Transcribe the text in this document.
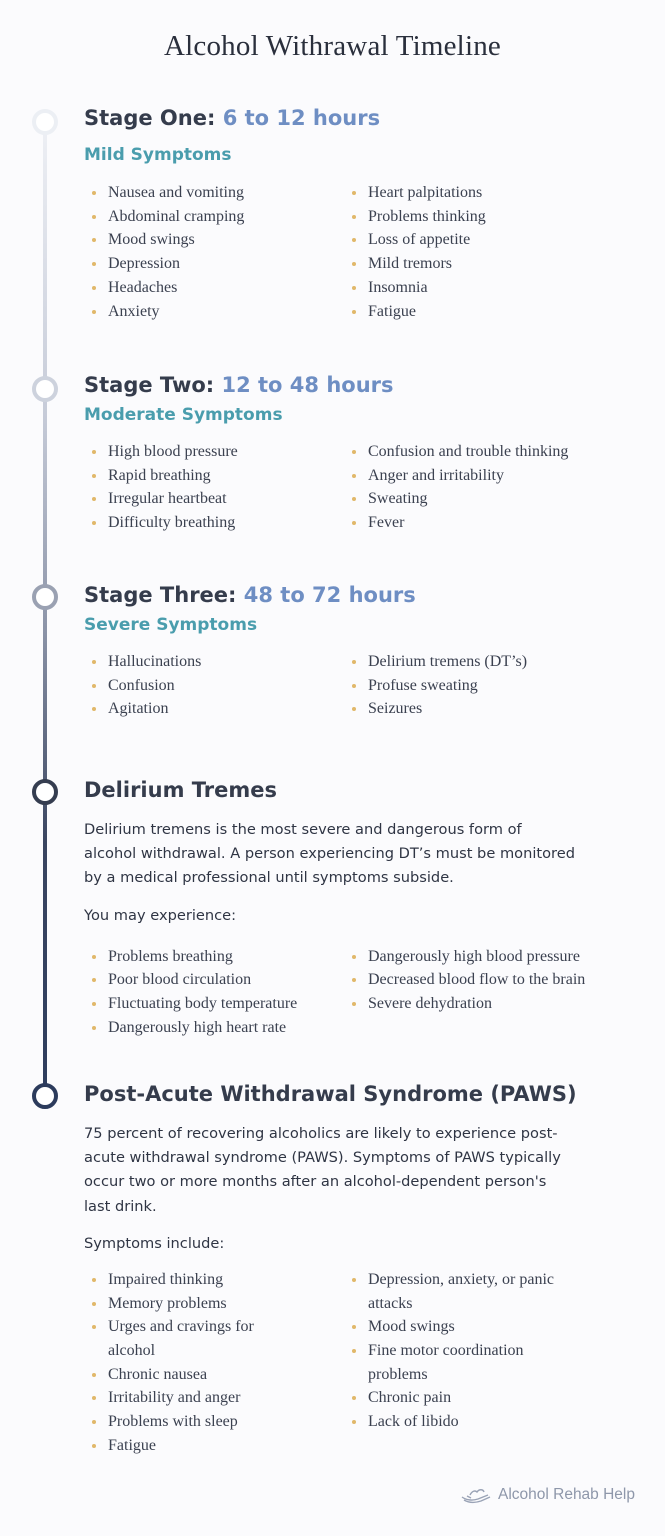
Alcohol Withrawal Timeline
Stage One: 6 to 12 hours
Mild Symptoms
Nausea and vomiting
Abdominal cramping
Mood swings
Depression
Headaches
Anxiety
Heart palpitations
Problems thinking
Loss of appetite
Mild tremors
Insomnia
Fatigue
Stage Two: 12 to 48 hours
Moderate Symptoms
High blood pressure
Rapid breathing
Irregular heartbeat
Difficulty breathing
Confusion and trouble thinking
Anger and irritability
Sweating
Fever
Stage Three: 48 to 72 hours
Severe Symptoms
Hallucinations
Confusion
Agitation
Delirium tremens (DT’s)
Profuse sweating
Seizures
Delirium Tremes
Delirium tremens is the most severe and dangerous form of
alcohol withdrawal. A person experiencing DT’s must be monitored
by a medical professional until symptoms subside.
You may experience:
Problems breathing
Poor blood circulation
Fluctuating body temperature
Dangerously high heart rate
Dangerously high blood pressure
Decreased blood flow to the brain
Severe dehydration
Post-Acute Withdrawal Syndrome (PAWS)
75 percent of recovering alcoholics are likely to experience post-
acute withdrawal syndrome (PAWS). Symptoms of PAWS typically
occur two or more months after an alcohol-dependent person's
last drink.
Symptoms include:
Impaired thinking
Memory problems
Urges and cravings for
alcohol
Chronic nausea
Irritability and anger
Problems with sleep
Fatigue
Depression, anxiety, or panic
attacks
Mood swings
Fine motor coordination
problems
Chronic pain
Lack of libido
Alcohol Rehab Help
